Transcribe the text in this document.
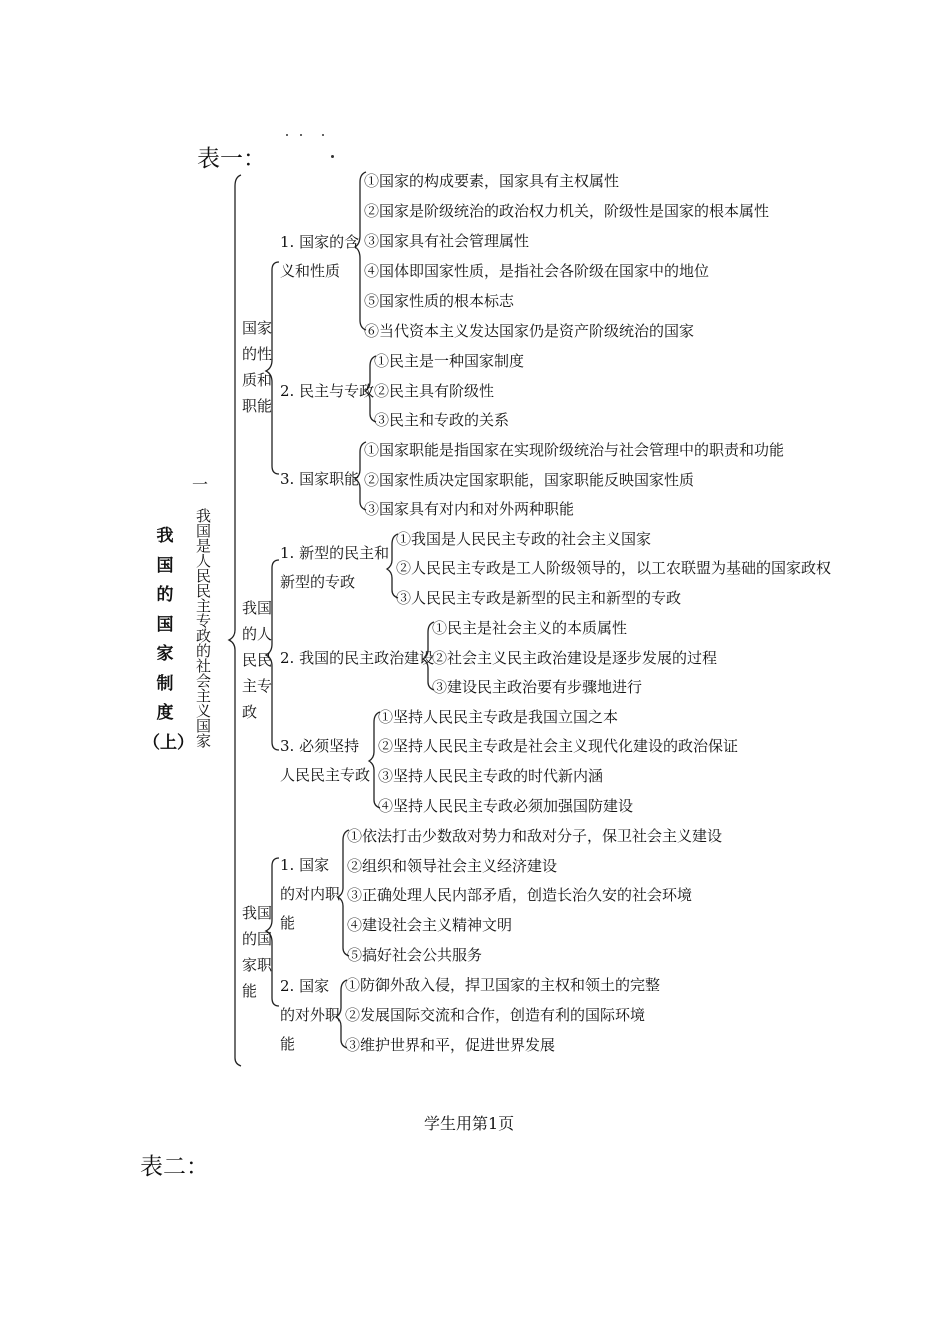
表一：
表二：
学生用第1页
我
国
的
国
家
制
度
（上）
一
我国是人民民主专政的社会主义国家
国家的性质和职能
我国的人民民主专政
我国的国家职能
1. 国家的含义和性质
2. 民主与专政
3. 国家职能
1. 新型的民主和新型的专政
2. 我国的民主政治建设
3. 必须坚持人民民主专政
1. 国家的对内职能
2. 国家的对外职能
①国家的构成要素，国家具有主权属性
②国家是阶级统治的政治权力机关，阶级性是国家的根本属性
③国家具有社会管理属性
④国体即国家性质，是指社会各阶级在国家中的地位
⑤国家性质的根本标志
⑥当代资本主义发达国家仍是资产阶级统治的国家
①民主是一种国家制度
②民主具有阶级性
③民主和专政的关系
①国家职能是指国家在实现阶级统治与社会管理中的职责和功能
②国家性质决定国家职能，国家职能反映国家性质
③国家具有对内和对外两种职能
①我国是人民民主专政的社会主义国家
②人民民主专政是工人阶级领导的，以工农联盟为基础的国家政权
③人民民主专政是新型的民主和新型的专政
①民主是社会主义的本质属性
②社会主义民主政治建设是逐步发展的过程
③建设民主政治要有步骤地进行
①坚持人民民主专政是我国立国之本
②坚持人民民主专政是社会主义现代化建设的政治保证
③坚持人民民主专政的时代新内涵
④坚持人民民主专政必须加强国防建设
①依法打击少数敌对势力和敌对分子，保卫社会主义建设
②组织和领导社会主义经济建设
③正确处理人民内部矛盾，创造长治久安的社会环境
④建设社会主义精神文明
⑤搞好社会公共服务
①防御外敌入侵，捍卫国家的主权和领土的完整
②发展国际交流和合作，创造有利的国际环境
③维护世界和平，促进世界发展
